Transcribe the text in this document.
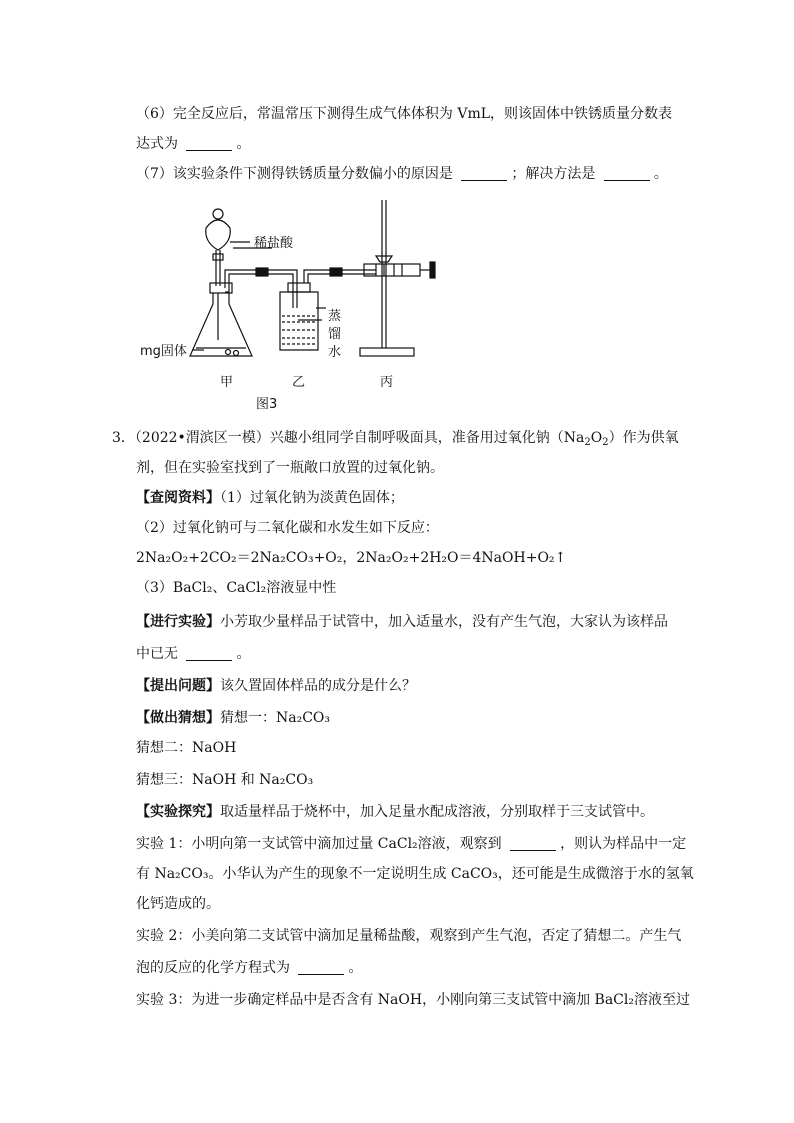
（6）完全反应后，常温常压下测得生成气体体积为 VmL，则该固体中铁锈质量分数表
达式为	。
（7）该实验条件下测得铁锈质量分数偏小的原因是	；解决方法是	。
稀盐酸
mg固体
蒸
馏
水
甲	乙	丙
图3
3．（2022•渭滨区一模）兴趣小组同学自制呼吸面具，准备用过氧化钠$(Na_2O_2)$作为供氧
剂，但在实验室找到了一瓶敞口放置的过氧化钠。
【查阅资料】（1）过氧化钠为淡黄色固体；
（2）过氧化钠可与二氧化碳和水发生如下反应：
2Na₂O₂+2CO₂＝2Na₂CO₃+O₂，2Na₂O₂+2H₂O＝4NaOH+O₂↑
（3）BaCl₂、CaCl₂溶液显中性
【进行实验】小芳取少量样品于试管中，加入适量水，没有产生气泡，大家认为该样品
中已无	。
【提出问题】该久置固体样品的成分是什么？
【做出猜想】猜想一：Na₂CO₃
猜想二：NaOH
猜想三：NaOH 和 Na₂CO₃
【实验探究】取适量样品于烧杯中，加入足量水配成溶液，分别取样于三支试管中。
实验 1：小明向第一支试管中滴加过量 CaCl₂溶液，观察到	，则认为样品中一定
有 Na₂CO₃。小华认为产生的现象不一定说明生成 CaCO₃，还可能是生成微溶于水的氢氧
化钙造成的。
实验 2：小美向第二支试管中滴加足量稀盐酸，观察到产生气泡，否定了猜想二。产生气
泡的反应的化学方程式为	。
实验 3：为进一步确定样品中是否含有 NaOH，小刚向第三支试管中滴加 BaCl₂溶液至过
